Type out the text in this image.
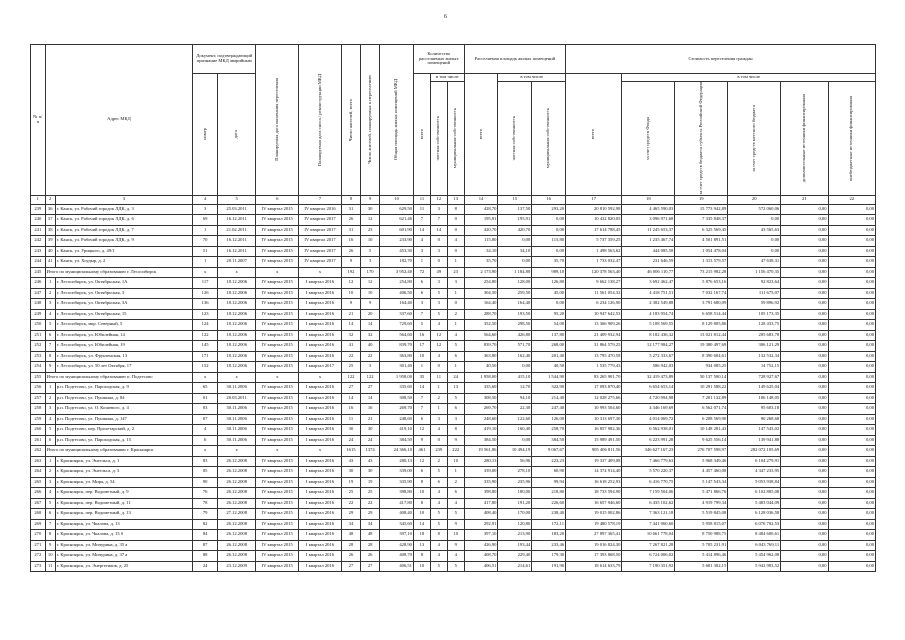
6
№ п/п	Адрес МКД		Документ, подтверждающий признание МКД аварийным		Планируемая дата окончания переселения	Планируемая дата сноса / реконструкции МКД	Число жителей, всего	Число жителей, планируемых к переселению	Общая площадь жилых помещений МКД	Количество расселяемых жилых помещений			Расселяемая площадь жилых помещений			Стоимость переселения граждан					

			номер	дата						всего	в том числе		всего	в том числе		всего	в том числе				

											частная собственность	муниципальная собственность		частная собственность	муниципальная собственность		за счет средств Фонда	за счет средств бюджета субъекта Российской Федерации	за счет средств местного бюджета	дополнительные источники финансирования	внебюджетные источники финансирования

1	2	3	4	5	6	7	8	9	10	11	12	13	14	15	16	17	18	19	20	21	22
239	36	г. Канск, ул. Рабочий городок ЛДК, д. 3	3	25.03.2011	IV квартал 2015	IV квартал 2016	31	30	629,50	11	3	8	428,70	137,50	293,20	20 810 592,98	4 465 590,03	15 773 942,89	572 060,06	0,00	0,00
240	37	г. Канск, ул. Рабочий городок ЛДК, д. 6	69	16.12.2011	IV квартал 2015	IV квартал 2017	26	12	621,46	7	7	0	195,91	195,91	0,00	10 432 820,05	3 096 971,68	7 335 848,37	0,00	0,00	0,00
241	38	г. Канск, ул. Рабочий городок ЛДК, д. 7	1	21.02.2011	IV квартал 2015	IV квартал 2017	31	23	601,90	14	14	0	420,70	420,70	0,00	17 614 788,45	11 245 653,37	6 325 569,45	43 565,63	0,00	0,00
242	39	г. Канск, ул. Рабочий городок ЛДК, д. 9	70	16.12.2011	IV квартал 2015	IV квартал 2017	16	10	233,90	4	0	4	115,80	0,00	115,80	5 737 359,25	1 235 467,74	4 501 891,51	0,00	0,00	0,00
243	40	г. Канск, ул. Урицкого, д. 49/1	51	16.12.2011	IV квартал 2015	IV квартал 2017	26	5	453,30	3	3	0	34,10	34,10	0,00	1 498 563,62	444 085,58	1 054 478,04	0,00	0,00	0,00
244	41	г. Канск, ул. Хоудыр, д. 2	1	20.11.2007	IV квартал 2015	IV квартал 2017	9	3	182,70	1	0	1	35,70	0,00	35,70	1 733 032,47	231 646,59	1 313 579,57	47 638,31	0,00	0,00
245	Итого по муниципальному образованию г. Лесосибирск		x	x	x	x	192	170	3 952,40	72	49	23	2 173,90	1 184,80	989,10	120 378 563,40	46 006 110,77	73 215 982,28	1 156 470,35	0,00	0,00
246	1	г. Лесосибирск, ул. Октябрьская, 1А	117	18.12.2006	IV квартал 2015	I квартал 2016	12	12	254,80	6	3	3	254,80	128,00	126,80	9 662 138,27	3 692 462,47	5 876 653,16	92 823,64	0,00	0,00
247	2	г. Лесосибирск, ул. Октябрьская, 3	126	18.12.2006	IV квартал 2015	I квартал 2016	10	10	406,50	6	5	1	304,50	259,50	45,00	11 561 054,32	4 418 751,51	7 032 167,74	111 675,07	0,00	0,00
248	3	г. Лесосибирск, ул. Октябрьская, 3А	136	18.12.2006	IV квартал 2015	I квартал 2016	9	9	164,40	3	3	0	164,40	164,40	0,00	6 234 126,90	2 382 549,88	3 791 680,09	59 896,92	0,00	0,00
249	4	г. Лесосибирск, ул. Октябрьская, 15	123	18.12.2006	IV квартал 2015	I квартал 2016	21	20	337,60	7	5	2	288,70	193,50	95,20	10 947 642,53	4 183 954,74	6 658 514,44	105 173,35	0,00	0,00
250	5	г. Лесосибирск, мкр. Северный, 5	124	18.12.2006	IV квартал 2015	I квартал 2016	14	14	729,60	5	4	1	352,50	298,50	54,00	13 366 909,26	5 108 569,55	8 129 805,86	128 433,75	0,00	0,00
251	6	г. Лесосибирск, ул. Юбилейная, 14	122	18.12.2006	IV квартал 2015	I квартал 2016	32	32	564,60	16	12	4	564,60	426,80	137,80	21 409 932,94	8 182 436,32	13 021 812,44	205 683,78	0,00	0,00
252	7	г. Лесосибирск, ул. Юбилейная, 19	145	18.12.2006	IV квартал 2015	I квартал 2016	41	40	839,70	17	12	5	839,70	571,70	268,00	31 864 579,25	12 177 984,27	19 380 497,69	306 121,29	0,00	0,00
253	8	г. Лесосибирск, ул. Фрунзенская, 13	171	18.12.2006	IV квартал 2015	I квартал 2016	22	22	363,80	10	4	6	363,80	162,40	201,40	13 795 470,58	5 272 333,67	8 390 604,61	132 532,34	0,00	0,00
254	9	г. Лесосибирск, ул. 50 лет Октября, 17	152	18.12.2006	IV квартал 2015	I квартал 2017	25	3	301,40	1	0	1	40,50	0,00	40,50	1 535 779,43	586 942,03	934 085,25	14 752,15	0,00	0,00
255	Итого по муниципальному образованию п. Подтесово		x	x	x	x	122	122	1 958,00	35	11	24	1 958,00	415,10	1 544,90	83 265 901,70	32 419 473,89	50 137 500,14	728 927,67	0,00	0,00
256	1	р.п. Подтесово, ул. Пароходская, д. 9	65	30.11.2006	IV квартал 2015	I квартал 2016	27	27	335,60	14	1	13	335,60	12,70	322,90	17 093 870,40	6 654 653,14	10 291 588,22	149 625,04	0,00	0,00
257	2	р.п. Подтесово, ул. Пушкина, д. 84	01	20.03.2011	IV квартал 2015	I квартал 2016	14	14	308,50	7	2	5	308,50	94,10	214,40	12 028 275,66	4 720 994,98	7 201 132,89	106 148,05	0,00	0,00
258	3	р.п. Подтесово, ул. О. Кошевого, д. 4	03	30.11.2006	IV квартал 2015	I квартал 2016	16	16	269,70	7	1	6	269,70	22,30	247,40	10 993 504,60	4 346 169,69	6 562 071,74	95 603,18	0,00	0,00
259	4	р.п. Подтесово, ул. Пушкина, д. 147	07	30.11.2006	IV квартал 2015	I квартал 2016	11	21	248,60	6	3	3	248,60	122,60	126,00	10 313 697,30	4 014 069,72	6 208 569,90	90 268,68	0,00	0,00
260	5	р.п. Подтесово, пер. Пролетарский, д. 2	4	30.11.2006	IV квартал 2015	I квартал 2016	30	30	419,10	12	4	8	419,10	160,40	258,70	16 857 982,36	6 562 938,01	10 148 281,43	147 543,02	0,00	0,00
261	6	р.п. Подтесово, ул. Пароходская, д. 15	6	30.11.2006	IV квартал 2015	I квартал 2016	24	24	384,50	9	0	9	384,50	0,00	384,50	15 989 491,50	6 223 991,28	9 625 556,14	139 941,88	0,00	0,00
262	Итого по муниципальному образованию г. Красноярск		x	x	x	x	1615	1374	24 366,10	461	239	222	19 561,86	10 494,19	9 067,67	905 406 811,56	346 627 167,23	276 707 598,97	282 072 105,69	0,00	0,00
263	1	г. Красноярск, ул. Энгельса, д. 1	83	26.12.2008	IV квартал 2015	I квартал 2016	43	43	280,13	12	2	10	280,13	56,96	223,23	19 337 409,08	7 466 779,63	5 968 349,46	6 104 279,91	0,00	0,00
264	2	г. Красноярск, ул. Энгельса, д. 3	85	26.12.2008	IV квартал 2015	I квартал 2016	30	30	339,00	6	5	1	339,00	278,10	60,90	14 374 914,40	5 570 220,37	4 457 460,08	4 347 233,95	0,00	0,00
265	3	г. Красноярск, ул. Мира, д. 54	90	26.12.2008	IV квартал 2015	I квартал 2016	19	19	335,90	8	6	2	335,90	235,96	99,94	16 618 252,93	6 416 770,75	5 147 543,34	5 053 938,84	0,00	0,00
266	4	г. Красноярск, пер. Водометный, д. 9	76	26.12.2008	IV квартал 2015	I квартал 2016	25	25	398,80	10	4	6	398,80	180,00	218,80	18 733 594,90	7 159 504,06	5 471 866,76	6 102 885,08	0,00	0,00
267	5	г. Красноярск, пер. Водометный, д. 11	78	26.12.2008	IV квартал 2015	I квартал 2016	22	22	417,80	8	4	4	417,80	191,20	226,60	16 657 946,60	6 435 102,62	4 919 799,34	5 483 044,09	0,00	0,00
268	6	г. Красноярск, пер. Водометный, д. 13	79	27.12.2008	IV квартал 2015	I квартал 2016	29	29	408,40	10	5	5	408,40	170,00	238,40	19 015 002,86	7 363 121,18	5 519 845,08	6 128 036,58	0,00	0,00
269	7	г. Красноярск, ул. Чкалова, д. 13	82	26.12.2008	IV квартал 2015	I квартал 2016	34	34	345,60	14	5	9	292,91	120,80	172,11	19 480 578,19	7 441 060,60	5 958 815,07	6 076 702,53	0,00	0,00
270	8	г. Красноярск, ул. Чкалова, д. 15 б	84	26.12.2008	IV квартал 2015	I квартал 2016	48	48	397,10	18	8	10	397,10	213,90	183,20	27 897 365,41	10 661 778,04	8 750 988,75	8 484 600,61	0,00	0,00
271	9	г. Красноярск, ул. Мичурина, д. 35 а	87	26.12.2008	IV квартал 2015	I квартал 2016	28	28	428,90	13	4	9	426,90	193,44	233,46	19 016 824,30	7 267 821,28	5 705 231,91	6 043 769,11	0,00	0,00
272	10	г. Красноярск, ул. Мичурина, д. 37 а	88	26.12.2008	IV квартал 2015	I квартал 2016	26	26	408,70	8	4	4	408,70	229,40	179,30	17 393 868,50	6 724 006,02	5 414 896,46	5 454 962,08	0,00	0,00
273	11	г. Красноярск, ул. Энергетиков, д. 25	24	23.12.2009	IV квартал 2015	I квартал 2016	27	27	406,51	10	5	5	406,51	214,61	191,90	18 614 633,79	7 190 351,92	5 681 302,15	5 942 983,52	0,00	0,00
